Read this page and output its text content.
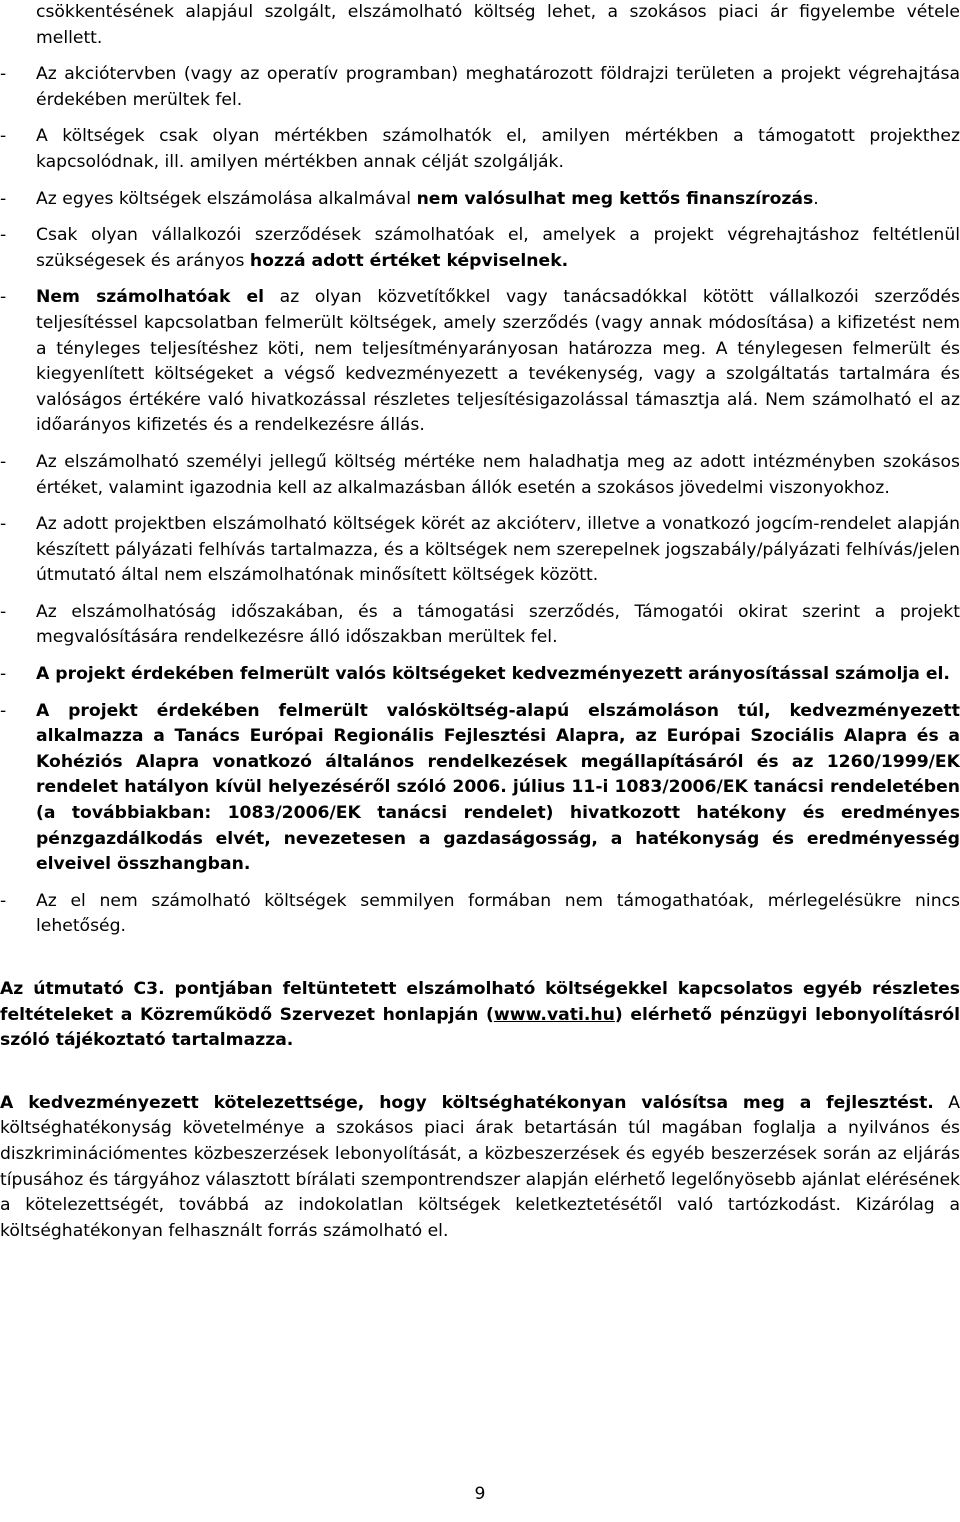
csökkentésének alapjául szolgált, elszámolható költség lehet, a szokásos piaci ár figyelembe vétele mellett.

- Az akciótervben (vagy az operatív programban) meghatározott földrajzi területen a projekt végrehajtása érdekében merültek fel.
- A költségek csak olyan mértékben számolhatók el, amilyen mértékben a támogatott projekthez kapcsolódnak, ill. amilyen mértékben annak célját szolgálják.
- Az egyes költségek elszámolása alkalmával nem valósulhat meg kettős finanszírozás.
- Csak olyan vállalkozói szerződések számolhatóak el, amelyek a projekt végrehajtáshoz feltétlenül szükségesek és arányos hozzá adott értéket képviselnek.
- Nem számolhatóak el az olyan közvetítőkkel vagy tanácsadókkal kötött vállalkozói szerződés teljesítéssel kapcsolatban felmerült költségek, amely szerződés (vagy annak módosítása) a kifizetést nem a tényleges teljesítéshez köti, nem teljesítményarányosan határozza meg. A ténylegesen felmerült és kiegyenlített költségeket a végső kedvezményezett a tevékenység, vagy a szolgáltatás tartalmára és valóságos értékére való hivatkozással részletes teljesítésigazolással támasztja alá. Nem számolható el az időarányos kifizetés és a rendelkezésre állás.
- Az elszámolható személyi jellegű költség mértéke nem haladhatja meg az adott intézményben szokásos értéket, valamint igazodnia kell az alkalmazásban állók esetén a szokásos jövedelmi viszonyokhoz.
- Az adott projektben elszámolható költségek körét az akcióterv, illetve a vonatkozó jogcím-rendelet alapján készített pályázati felhívás tartalmazza, és a költségek nem szerepelnek jogszabály/pályázati felhívás/jelen útmutató által nem elszámolhatónak minősített költségek között.
- Az elszámolhatóság időszakában, és a támogatási szerződés, Támogatói okirat szerint a projekt megvalósítására rendelkezésre álló időszakban merültek fel.
- A projekt érdekében felmerült valós költségeket kedvezményezett arányosítással számolja el.
- A projekt érdekében felmerült valósköltség-alapú elszámoláson túl, kedvezményezett alkalmazza a Tanács Európai Regionális Fejlesztési Alapra, az Európai Szociális Alapra és a Kohéziós Alapra vonatkozó általános rendelkezések megállapításáról és az 1260/1999/EK rendelet hatályon kívül helyezéséről szóló 2006. július 11-i 1083/2006/EK tanácsi rendeletében (a továbbiakban: 1083/2006/EK tanácsi rendelet) hivatkozott hatékony és eredményes pénzgazdálkodás elvét, nevezetesen a gazdaságosság, a hatékonyság és eredményesség elveivel összhangban.
- Az el nem számolható költségek semmilyen formában nem támogathatóak, mérlegelésükre nincs lehetőség.

Az útmutató C3. pontjában feltüntetett elszámolható költségekkel kapcsolatos egyéb részletes feltételeket a Közreműködő Szervezet honlapján (www.vati.hu) elérhető pénzügyi lebonyolításról szóló tájékoztató tartalmazza.

A kedvezményezett kötelezettsége, hogy költséghatékonyan valósítsa meg a fejlesztést. A költséghatékonyság követelménye a szokásos piaci árak betartásán túl magában foglalja a nyilvános és diszkriminációmentes közbeszerzések lebonyolítását, a közbeszerzések és egyéb beszerzések során az eljárás típusához és tárgyához választott bírálati szempontrendszer alapján elérhető legelőnyösebb ajánlat elérésének a kötelezettségét, továbbá az indokolatlan költségek keletkeztetésétől való tartózkodást. Kizárólag a költséghatékonyan felhasznált forrás számolható el.

9
